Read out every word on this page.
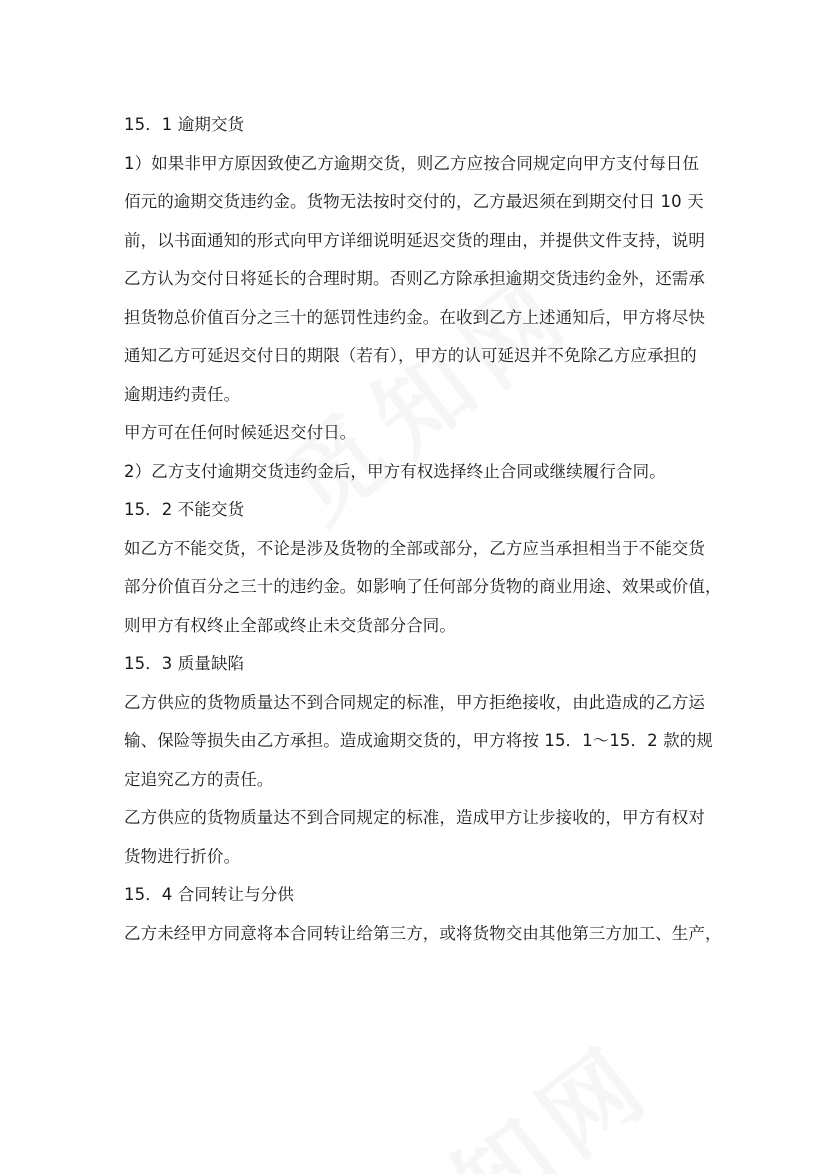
15．1 逾期交货
1）如果非甲方原因致使乙方逾期交货，则乙方应按合同规定向甲方支付每日伍
佰元的逾期交货违约金。货物无法按时交付的，乙方最迟须在到期交付日 10 天
前，以书面通知的形式向甲方详细说明延迟交货的理由，并提供文件支持，说明
乙方认为交付日将延长的合理时期。否则乙方除承担逾期交货违约金外，还需承
担货物总价值百分之三十的惩罚性违约金。在收到乙方上述通知后，甲方将尽快
通知乙方可延迟交付日的期限（若有），甲方的认可延迟并不免除乙方应承担的
逾期违约责任。
甲方可在任何时候延迟交付日。
2）乙方支付逾期交货违约金后，甲方有权选择终止合同或继续履行合同。
15．2 不能交货
如乙方不能交货，不论是涉及货物的全部或部分，乙方应当承担相当于不能交货
部分价值百分之三十的违约金。如影响了任何部分货物的商业用途、效果或价值，
则甲方有权终止全部或终止未交货部分合同。
15．3 质量缺陷
乙方供应的货物质量达不到合同规定的标准，甲方拒绝接收，由此造成的乙方运
输、保险等损失由乙方承担。造成逾期交货的，甲方将按 15．1～15．2 款的规
定追究乙方的责任。
乙方供应的货物质量达不到合同规定的标准，造成甲方让步接收的，甲方有权对
货物进行折价。
15．4 合同转让与分供
乙方未经甲方同意将本合同转让给第三方，或将货物交由其他第三方加工、生产，
